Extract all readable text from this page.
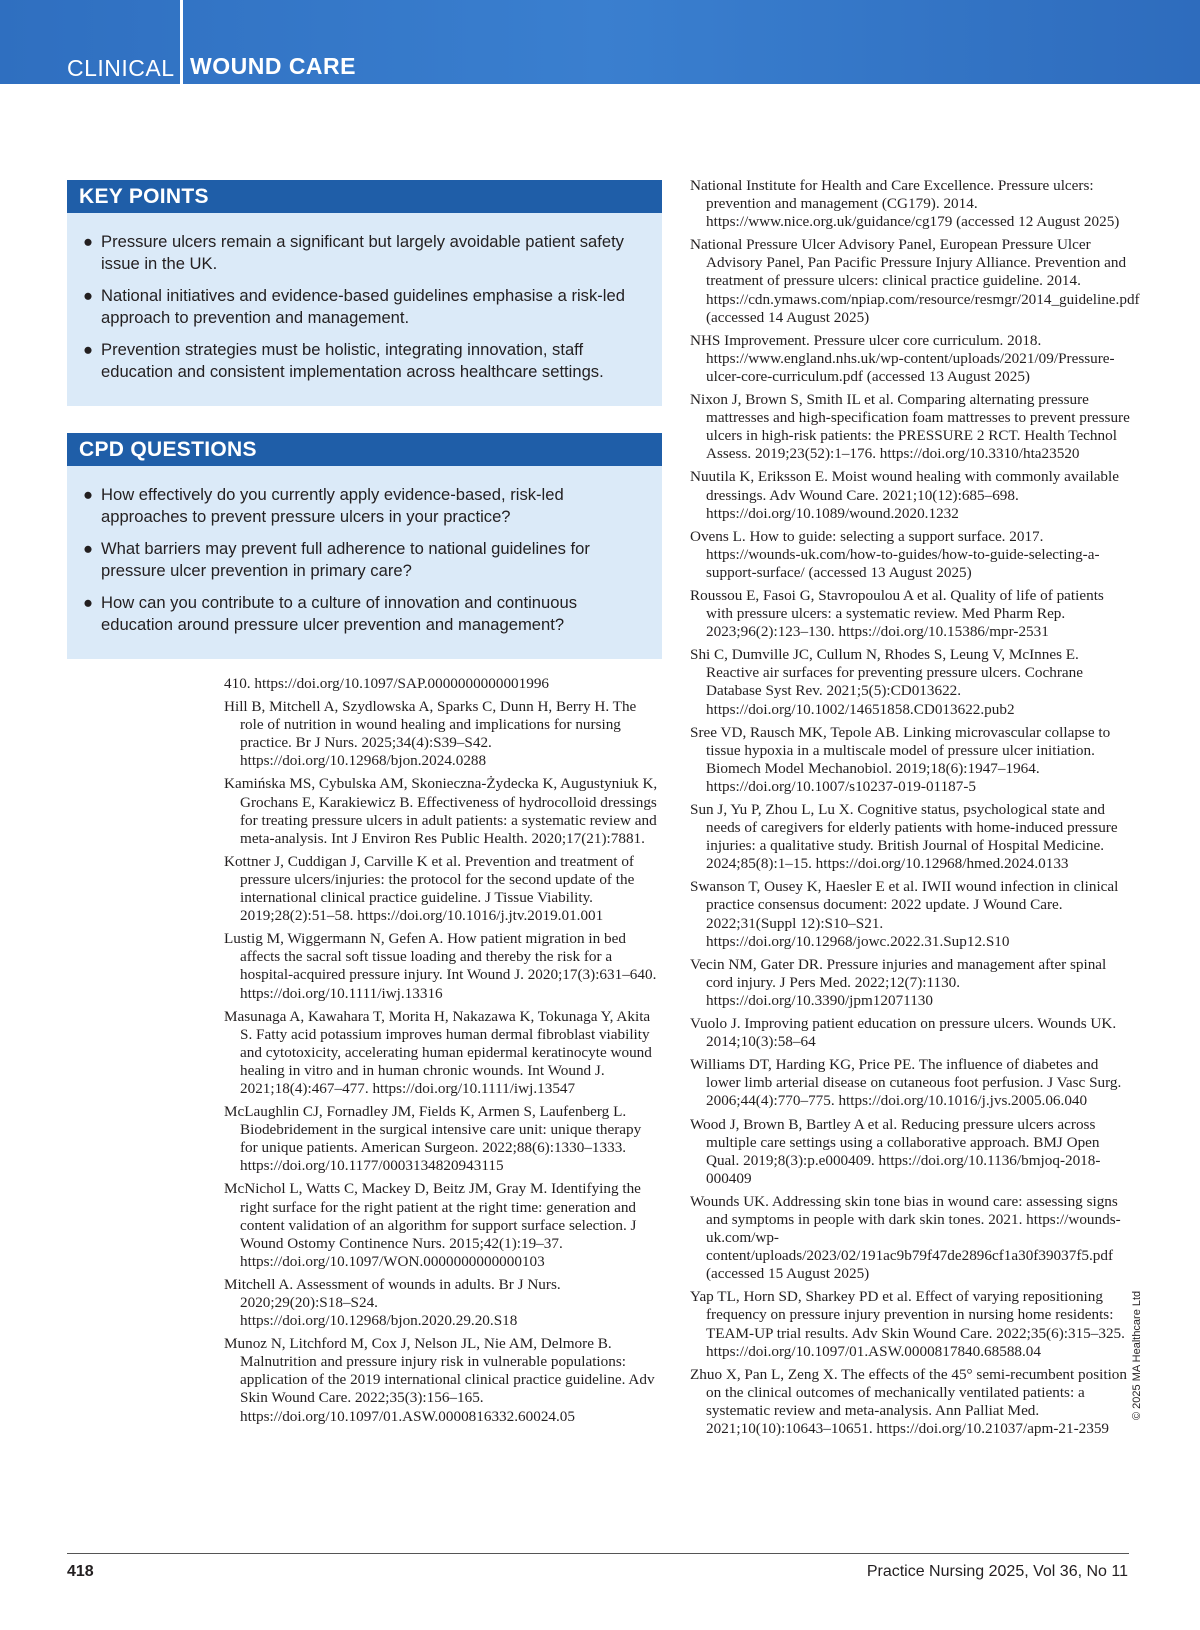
CLINICAL WOUND CARE
KEY POINTS
● Pressure ulcers remain a significant but largely avoidable patient safety issue in the UK.
● National initiatives and evidence-based guidelines emphasise a risk-led approach to prevention and management.
● Prevention strategies must be holistic, integrating innovation, staff education and consistent implementation across healthcare settings.
CPD QUESTIONS
● How effectively do you currently apply evidence-based, risk-led approaches to prevent pressure ulcers in your practice?
● What barriers may prevent full adherence to national guidelines for pressure ulcer prevention in primary care?
● How can you contribute to a culture of innovation and continuous education around pressure ulcer prevention and management?
410. https://doi.org/10.1097/SAP.0000000000001996
Hill B, Mitchell A, Szydlowska A, Sparks C, Dunn H, Berry H. The role of nutrition in wound healing and implications for nursing practice. Br J Nurs. 2025;34(4):S39–S42. https://doi.org/10.12968/bjon.2024.0288
Kamińska MS, Cybulska AM, Skonieczna-Żydecka K, Augustyniuk K, Grochans E, Karakiewicz B. Effectiveness of hydrocolloid dressings for treating pressure ulcers in adult patients: a systematic review and meta-analysis. Int J Environ Res Public Health. 2020;17(21):7881.
Kottner J, Cuddigan J, Carville K et al. Prevention and treatment of pressure ulcers/injuries: the protocol for the second update of the international clinical practice guideline. J Tissue Viability. 2019;28(2):51–58. https://doi.org/10.1016/j.jtv.2019.01.001
Lustig M, Wiggermann N, Gefen A. How patient migration in bed affects the sacral soft tissue loading and thereby the risk for a hospital-acquired pressure injury. Int Wound J. 2020;17(3):631–640. https://doi.org/10.1111/iwj.13316
Masunaga A, Kawahara T, Morita H, Nakazawa K, Tokunaga Y, Akita S. Fatty acid potassium improves human dermal fibroblast viability and cytotoxicity, accelerating human epidermal keratinocyte wound healing in vitro and in human chronic wounds. Int Wound J. 2021;18(4):467–477. https://doi.org/10.1111/iwj.13547
McLaughlin CJ, Fornadley JM, Fields K, Armen S, Laufenberg L. Biodebridement in the surgical intensive care unit: unique therapy for unique patients. American Surgeon. 2022;88(6):1330–1333. https://doi.org/10.1177/0003134820943115
McNichol L, Watts C, Mackey D, Beitz JM, Gray M. Identifying the right surface for the right patient at the right time: generation and content validation of an algorithm for support surface selection. J Wound Ostomy Continence Nurs. 2015;42(1):19–37. https://doi.org/10.1097/WON.0000000000000103
Mitchell A. Assessment of wounds in adults. Br J Nurs. 2020;29(20):S18–S24. https://doi.org/10.12968/bjon.2020.29.20.S18
Munoz N, Litchford M, Cox J, Nelson JL, Nie AM, Delmore B. Malnutrition and pressure injury risk in vulnerable populations: application of the 2019 international clinical practice guideline. Adv Skin Wound Care. 2022;35(3):156–165. https://doi.org/10.1097/01.ASW.0000816332.60024.05
National Institute for Health and Care Excellence. Pressure ulcers: prevention and management (CG179). 2014. https://www.nice.org.uk/guidance/cg179 (accessed 12 August 2025)
National Pressure Ulcer Advisory Panel, European Pressure Ulcer Advisory Panel, Pan Pacific Pressure Injury Alliance. Prevention and treatment of pressure ulcers: clinical practice guideline. 2014. https://cdn.ymaws.com/npiap.com/resource/resmgr/2014_guideline.pdf (accessed 14 August 2025)
NHS Improvement. Pressure ulcer core curriculum. 2018. https://www.england.nhs.uk/wp-content/uploads/2021/09/Pressure-ulcer-core-curriculum.pdf (accessed 13 August 2025)
Nixon J, Brown S, Smith IL et al. Comparing alternating pressure mattresses and high-specification foam mattresses to prevent pressure ulcers in high-risk patients: the PRESSURE 2 RCT. Health Technol Assess. 2019;23(52):1–176. https://doi.org/10.3310/hta23520
Nuutila K, Eriksson E. Moist wound healing with commonly available dressings. Adv Wound Care. 2021;10(12):685–698. https://doi.org/10.1089/wound.2020.1232
Ovens L. How to guide: selecting a support surface. 2017. https://wounds-uk.com/how-to-guides/how-to-guide-selecting-a-support-surface/ (accessed 13 August 2025)
Roussou E, Fasoi G, Stavropoulou A et al. Quality of life of patients with pressure ulcers: a systematic review. Med Pharm Rep. 2023;96(2):123–130. https://doi.org/10.15386/mpr-2531
Shi C, Dumville JC, Cullum N, Rhodes S, Leung V, McInnes E. Reactive air surfaces for preventing pressure ulcers. Cochrane Database Syst Rev. 2021;5(5):CD013622. https://doi.org/10.1002/14651858.CD013622.pub2
Sree VD, Rausch MK, Tepole AB. Linking microvascular collapse to tissue hypoxia in a multiscale model of pressure ulcer initiation. Biomech Model Mechanobiol. 2019;18(6):1947–1964. https://doi.org/10.1007/s10237-019-01187-5
Sun J, Yu P, Zhou L, Lu X. Cognitive status, psychological state and needs of caregivers for elderly patients with home-induced pressure injuries: a qualitative study. British Journal of Hospital Medicine. 2024;85(8):1–15. https://doi.org/10.12968/hmed.2024.0133
Swanson T, Ousey K, Haesler E et al. IWII wound infection in clinical practice consensus document: 2022 update. J Wound Care. 2022;31(Suppl 12):S10–S21. https://doi.org/10.12968/jowc.2022.31.Sup12.S10
Vecin NM, Gater DR. Pressure injuries and management after spinal cord injury. J Pers Med. 2022;12(7):1130. https://doi.org/10.3390/jpm12071130
Vuolo J. Improving patient education on pressure ulcers. Wounds UK. 2014;10(3):58–64
Williams DT, Harding KG, Price PE. The influence of diabetes and lower limb arterial disease on cutaneous foot perfusion. J Vasc Surg. 2006;44(4):770–775. https://doi.org/10.1016/j.jvs.2005.06.040
Wood J, Brown B, Bartley A et al. Reducing pressure ulcers across multiple care settings using a collaborative approach. BMJ Open Qual. 2019;8(3):p.e000409. https://doi.org/10.1136/bmjoq-2018-000409
Wounds UK. Addressing skin tone bias in wound care: assessing signs and symptoms in people with dark skin tones. 2021. https://wounds-uk.com/wp-content/uploads/2023/02/191ac9b79f47de2896cf1a30f39037f5.pdf (accessed 15 August 2025)
Yap TL, Horn SD, Sharkey PD et al. Effect of varying repositioning frequency on pressure injury prevention in nursing home residents: TEAM-UP trial results. Adv Skin Wound Care. 2022;35(6):315–325. https://doi.org/10.1097/01.ASW.0000817840.68588.04
Zhuo X, Pan L, Zeng X. The effects of the 45° semi-recumbent position on the clinical outcomes of mechanically ventilated patients: a systematic review and meta-analysis. Ann Palliat Med. 2021;10(10):10643–10651. https://doi.org/10.21037/apm-21-2359
© 2025 MA Healthcare Ltd
418	Practice Nursing 2025, Vol 36, No 11
